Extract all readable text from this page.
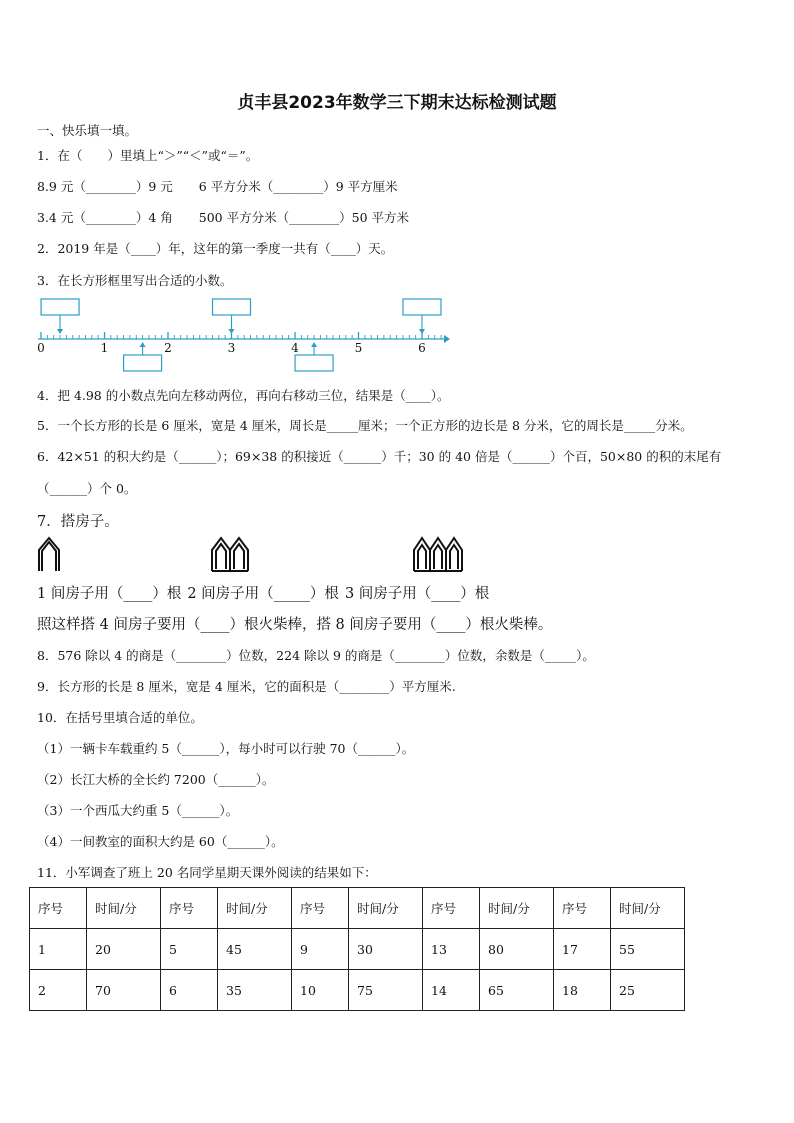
贞丰县2023年数学三下期末达标检测试题
一、快乐填一填。
1．在（　　）里填上“＞”“＜”或“＝”。
8.9 元（________）9 元 6 平方分米（________）9 平方厘米
3.4 元（________）4 角 500 平方分米（________）50 平方米
2．2019 年是（____）年，这年的第一季度一共有（____）天。
3．在长方形框里写出合适的小数。
0	1	2	3	4	5	6
4．把 4.98 的小数点先向左移动两位，再向右移动三位，结果是（____）。
5．一个长方形的长是 6 厘米，宽是 4 厘米，周长是_____厘米；一个正方形的边长是 8 分米，它的周长是_____分米。
6．42×51 的积大约是（______）；69×38 的积接近（______）千；30 的 40 倍是（______）个百，50×80 的积的末尾有
（______）个 0。
7．搭房子。
1 间房子用（____）根 2 间房子用（_____）根 3 间房子用（____）根
照这样搭 4 间房子要用（____）根火柴棒，搭 8 间房子要用（____）根火柴棒。
8．576 除以 4 的商是（________）位数，224 除以 9 的商是（________）位数，余数是（_____）。
9．长方形的长是 8 厘米，宽是 4 厘米，它的面积是（________）平方厘米.
10．在括号里填合适的单位。
（1）一辆卡车载重约 5（______），每小时可以行驶 70（______）。
（2）长江大桥的全长约 7200（______）。
（3）一个西瓜大约重 5（______）。
（4）一间教室的面积大约是 60（______）。
11．小军调查了班上 20 名同学星期天课外阅读的结果如下：
序号	时间/分	序号	时间/分	序号	时间/分	序号	时间/分	序号	时间/分
1	20	5	45	9	30	13	80	17	55
2	70	6	35	10	75	14	65	18	25
